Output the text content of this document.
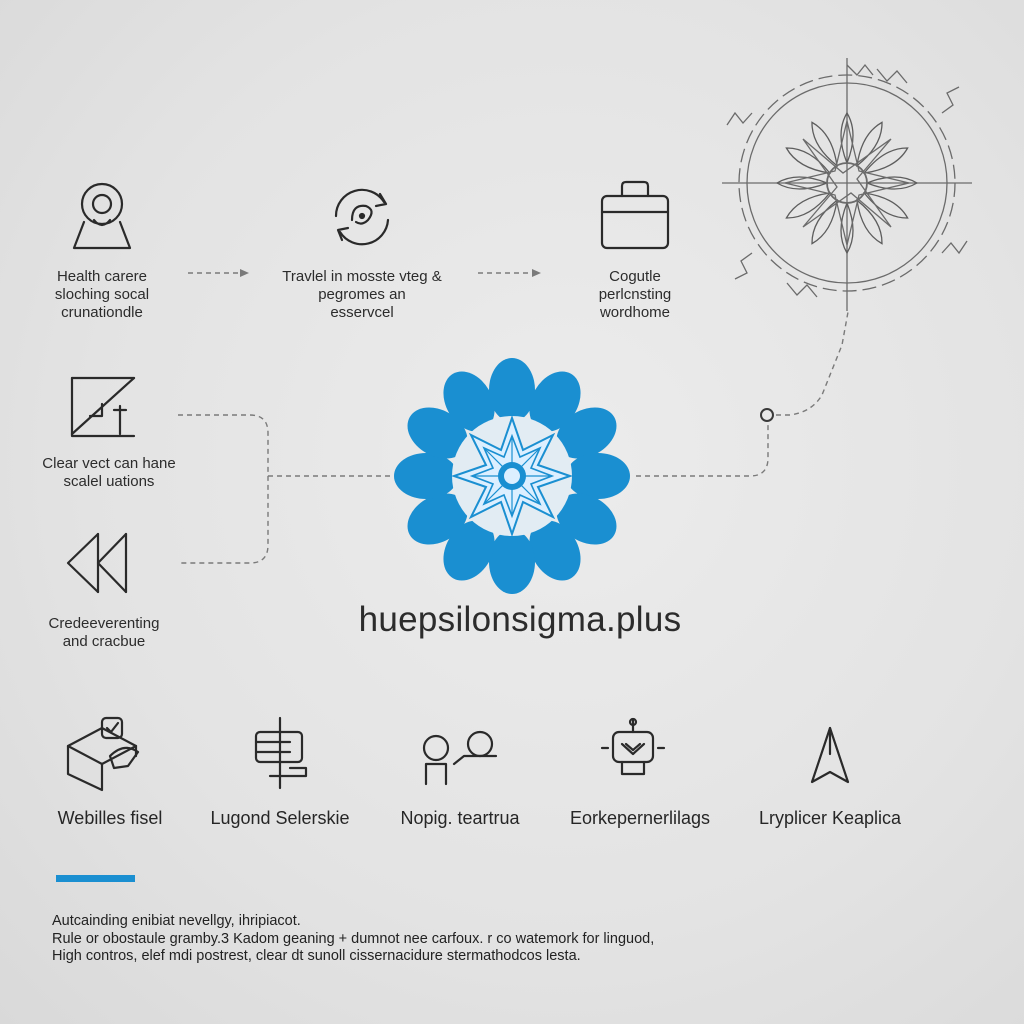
Health carere
sloching socal
crunationdle
Travlel in mosste vteg &
pegromes an
esservcel
Cogutle
perlcnsting
wordhome
Clear vect can hane
scalel uations
Credeeverenting
and cracbue
huepsilonsigma.plus
Webilles fisel	Lugond Selerskie	Nopig. teartrua	Eorkepernerlilags	Lryplicer Keaplica
Autcainding enibiat nevellgy, ihripiacot.
Rule or obostaule gramby.3 Kadom geaning + dumnot nee carfoux. r co watemork for linguod,
High contros, elef mdi postrest, clear dt sunoll cissernacidure stermathodcos lesta.
